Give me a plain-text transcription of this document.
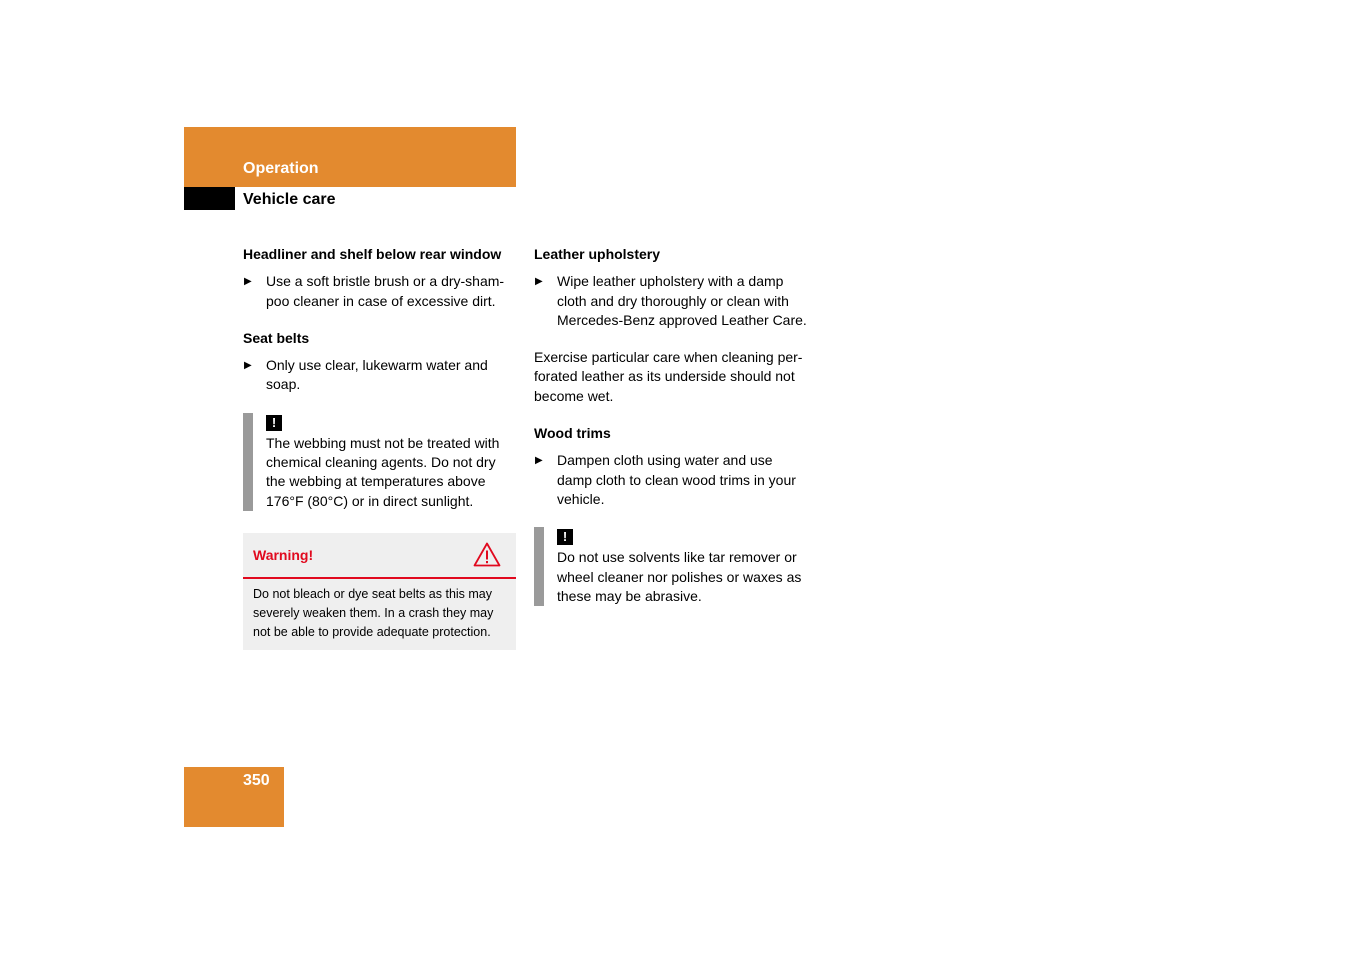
Operation
Vehicle care
Headliner and shelf below rear window
▶ Use a soft bristle brush or a dry-sham-poo cleaner in case of excessive dirt.
Seat belts
▶ Only use clear, lukewarm water and soap.
!
The webbing must not be treated with chemical cleaning agents. Do not dry the webbing at temperatures above 176°F (80°C) or in direct sunlight.
Warning!
Do not bleach or dye seat belts as this may severely weaken them. In a crash they may not be able to provide adequate protection.
Leather upholstery
▶ Wipe leather upholstery with a damp cloth and dry thoroughly or clean with Mercedes-Benz approved Leather Care.
Exercise particular care when cleaning per-forated leather as its underside should not become wet.
Wood trims
▶ Dampen cloth using water and use damp cloth to clean wood trims in your vehicle.
!
Do not use solvents like tar remover or wheel cleaner nor polishes or waxes as these may be abrasive.
350
